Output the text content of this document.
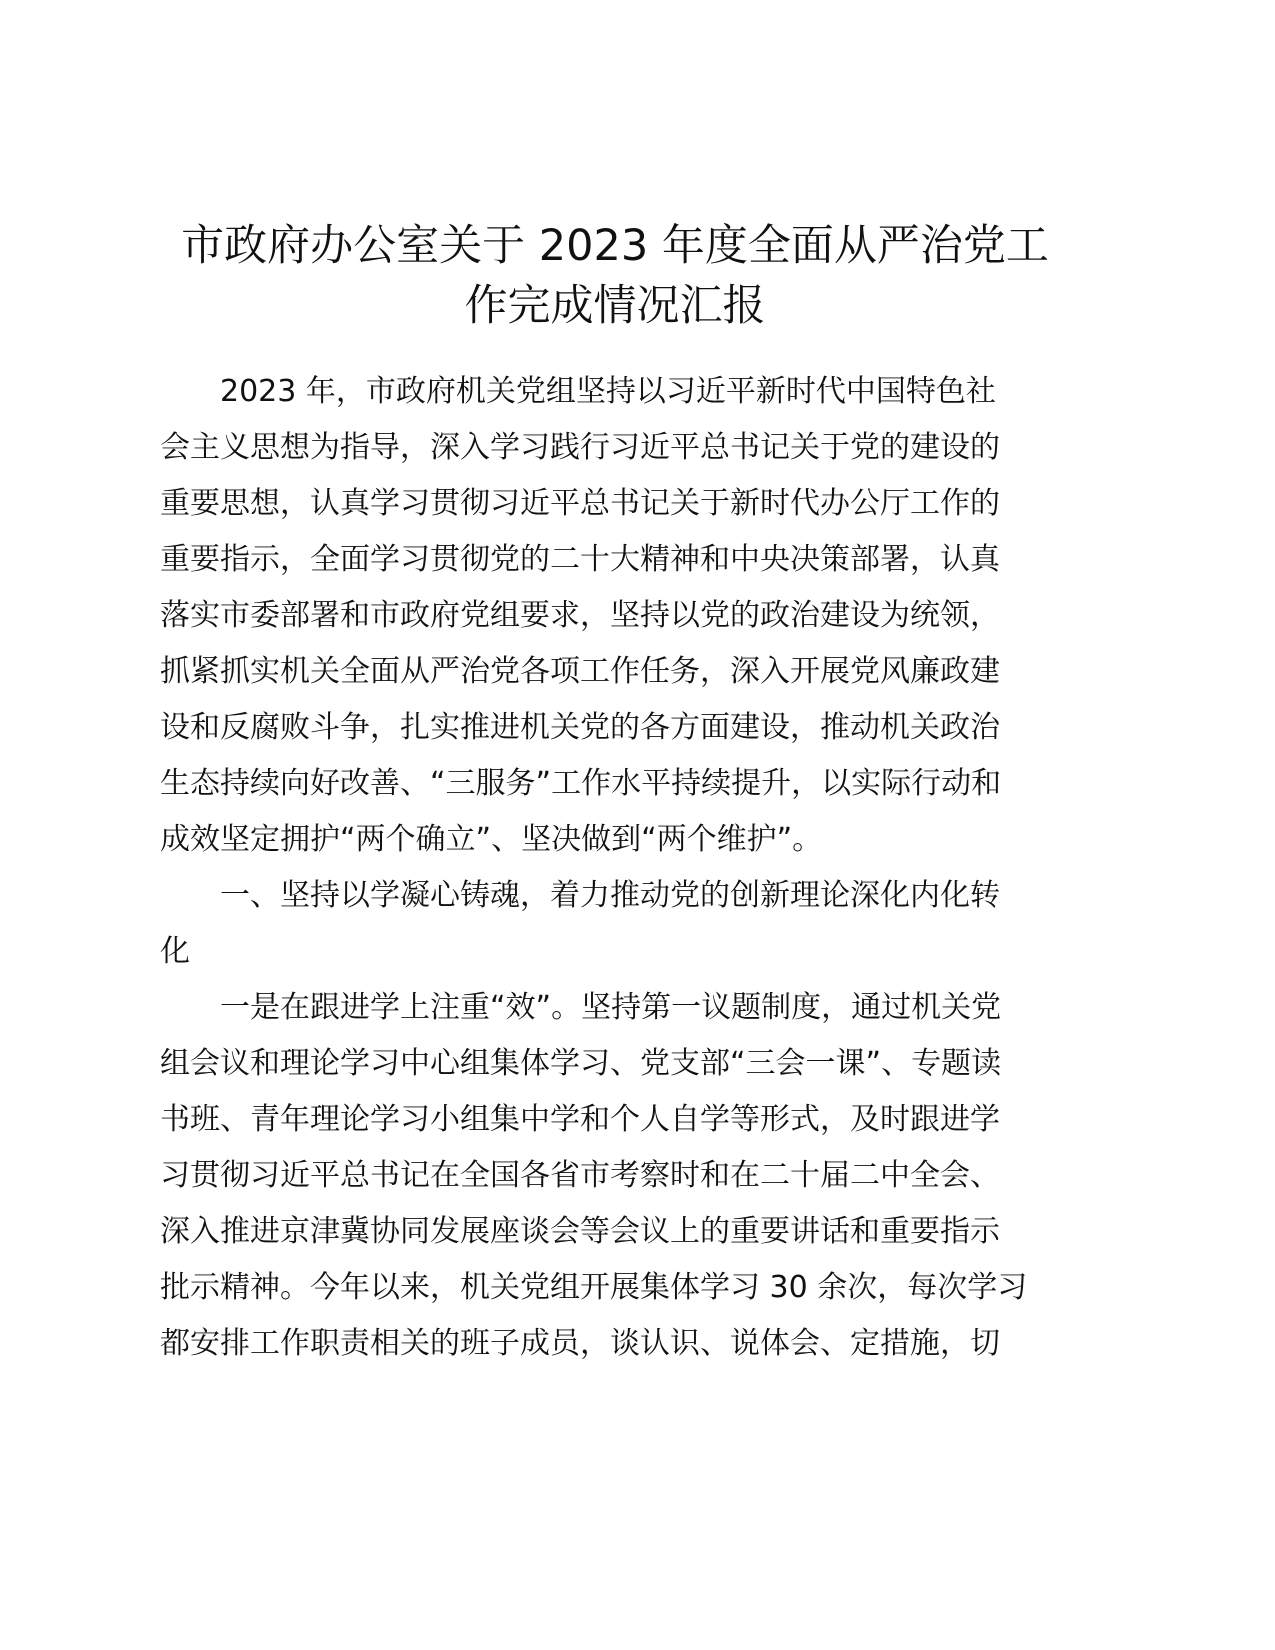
市政府办公室关于 2023 年度全面从严治党工
作完成情况汇报
2023 年，市政府机关党组坚持以习近平新时代中国特色社
会主义思想为指导，深入学习践行习近平总书记关于党的建设的
重要思想，认真学习贯彻习近平总书记关于新时代办公厅工作的
重要指示，全面学习贯彻党的二十大精神和中央决策部署，认真
落实市委部署和市政府党组要求，坚持以党的政治建设为统领，
抓紧抓实机关全面从严治党各项工作任务，深入开展党风廉政建
设和反腐败斗争，扎实推进机关党的各方面建设，推动机关政治
生态持续向好改善、“三服务”工作水平持续提升，以实际行动和
成效坚定拥护“两个确立”、坚决做到“两个维护”。
一、坚持以学凝心铸魂，着力推动党的创新理论深化内化转
化
一是在跟进学上注重“效”。坚持第一议题制度，通过机关党
组会议和理论学习中心组集体学习、党支部“三会一课”、专题读
书班、青年理论学习小组集中学和个人自学等形式，及时跟进学
习贯彻习近平总书记在全国各省市考察时和在二十届二中全会、
深入推进京津冀协同发展座谈会等会议上的重要讲话和重要指示
批示精神。今年以来，机关党组开展集体学习 30 余次，每次学习
都安排工作职责相关的班子成员，谈认识、说体会、定措施，切
